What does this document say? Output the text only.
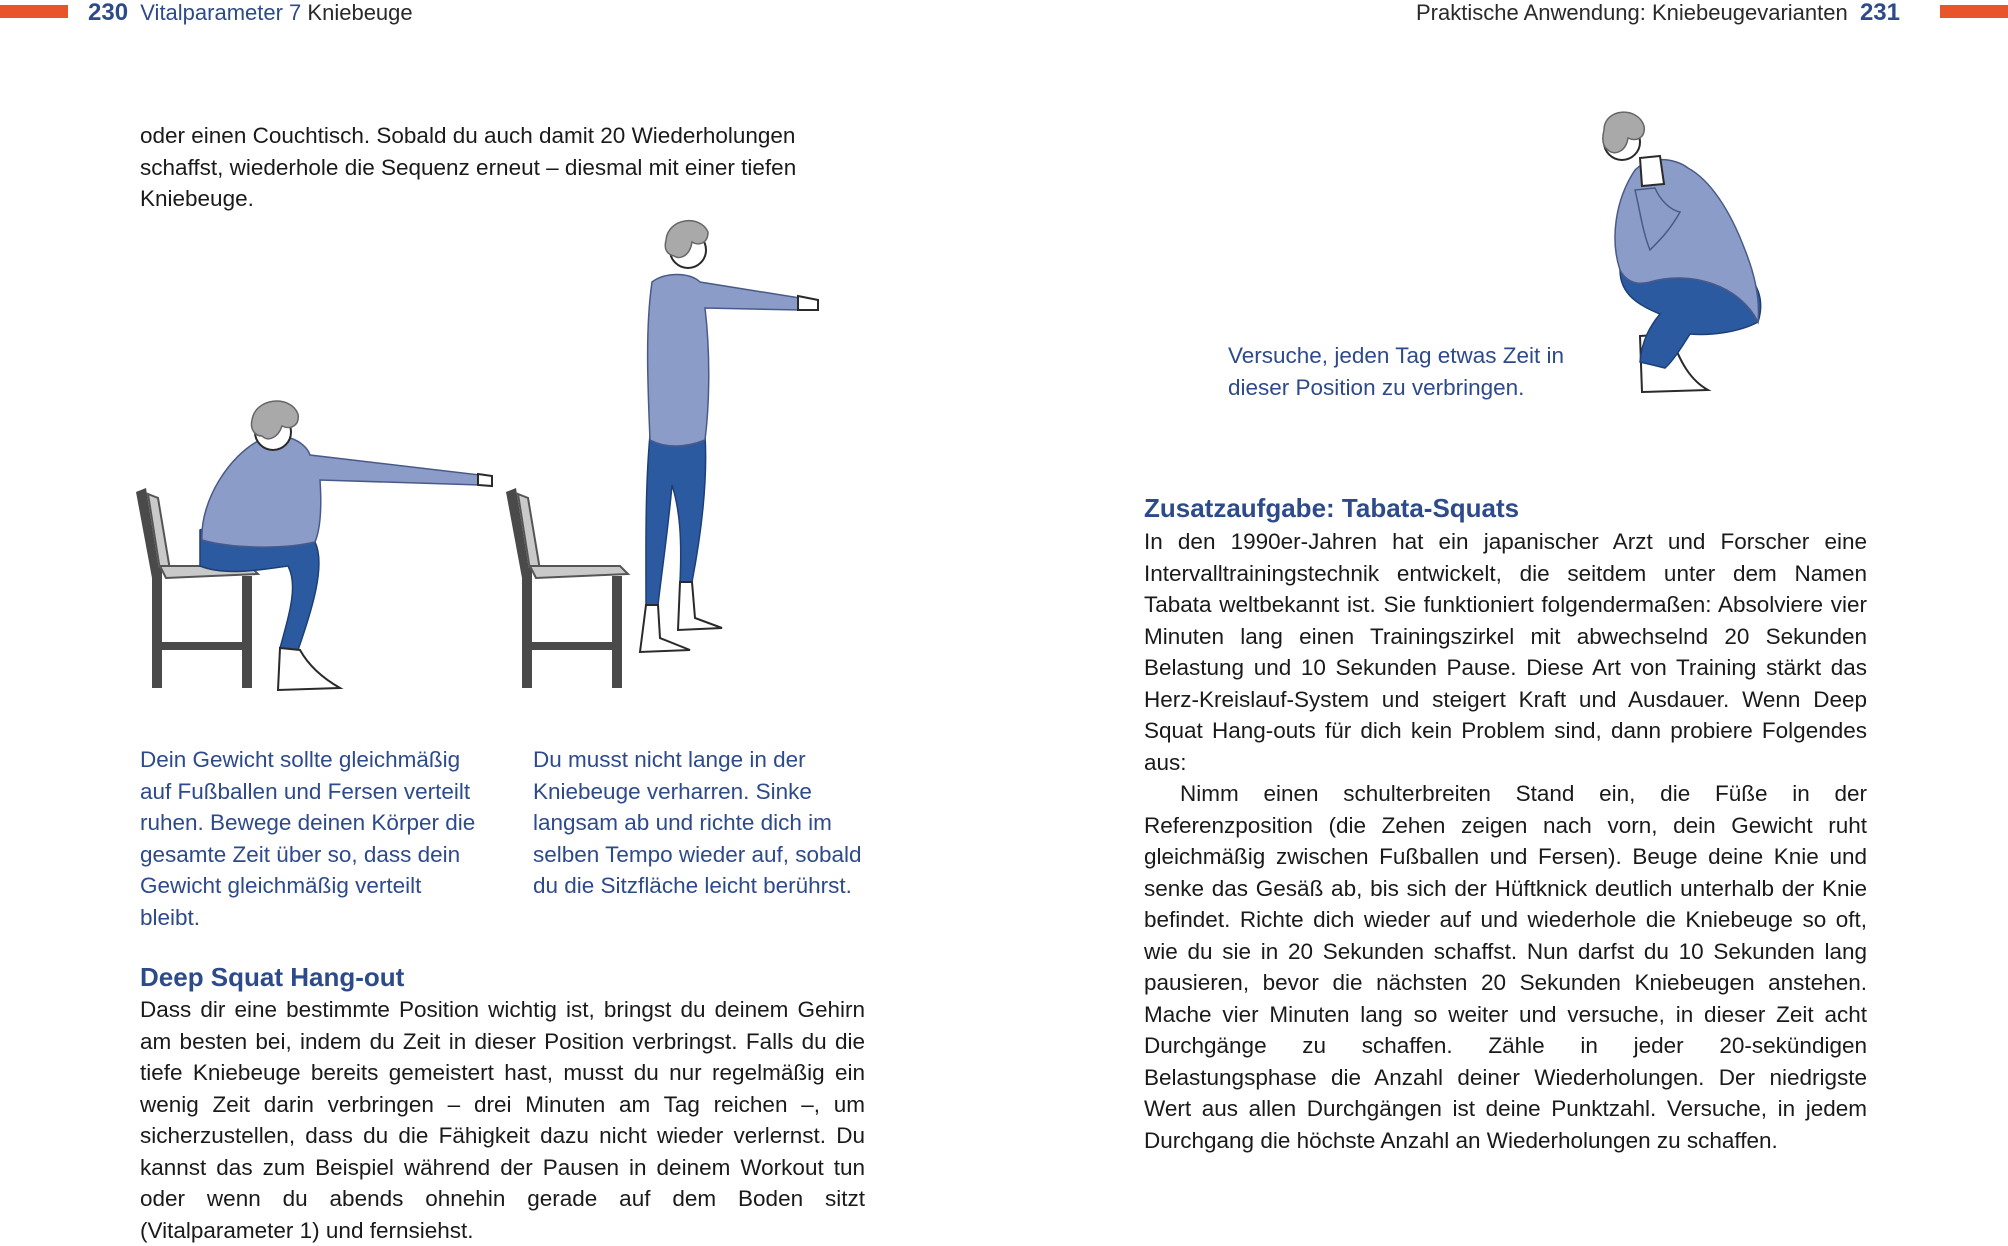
230 Vitalparameter 7 Kniebeuge	Praktische Anwendung: Kniebeugevarianten 231

oder einen Couchtisch. Sobald du auch damit 20 Wiederholungen schaffst, wiederhole die Sequenz erneut – diesmal mit einer tiefen Kniebeuge.

Dein Gewicht sollte gleichmäßig auf Fußballen und Fersen verteilt ruhen. Bewege deinen Körper die gesamte Zeit über so, dass dein Gewicht gleichmäßig verteilt bleibt.

Du musst nicht lange in der Kniebeuge verharren. Sinke langsam ab und richte dich im selben Tempo wieder auf, sobald du die Sitzfläche leicht berührst.

Deep Squat Hang-out

Dass dir eine bestimmte Position wichtig ist, bringst du deinem Gehirn am besten bei, indem du Zeit in dieser Position verbringst. Falls du die tiefe Kniebeuge bereits gemeistert hast, musst du nur regelmäßig ein wenig Zeit darin verbringen – drei Minuten am Tag reichen –, um sicherzustellen, dass du die Fähigkeit dazu nicht wieder verlernst. Du kannst das zum Beispiel während der Pausen in deinem Workout tun oder wenn du abends ohnehin gerade auf dem Boden sitzt (Vitalparameter 1) und fernsiehst.

Versuche, jeden Tag etwas Zeit in dieser Position zu verbringen.

Zusatzaufgabe: Tabata-Squats

In den 1990er-Jahren hat ein japanischer Arzt und Forscher eine Intervalltrainingstechnik entwickelt, die seitdem unter dem Namen Tabata weltbekannt ist. Sie funktioniert folgendermaßen: Absolviere vier Minuten lang einen Trainingszirkel mit abwechselnd 20 Sekunden Belastung und 10 Sekunden Pause. Diese Art von Training stärkt das Herz-Kreislauf-System und steigert Kraft und Ausdauer. Wenn Deep Squat Hang-outs für dich kein Problem sind, dann probiere Folgendes aus:

Nimm einen schulterbreiten Stand ein, die Füße in der Referenzposition (die Zehen zeigen nach vorn, dein Gewicht ruht gleichmäßig zwischen Fußballen und Fersen). Beuge deine Knie und senke das Gesäß ab, bis sich der Hüftknick deutlich unterhalb der Knie befindet. Richte dich wieder auf und wiederhole die Kniebeuge so oft, wie du sie in 20 Sekunden schaffst. Nun darfst du 10 Sekunden lang pausieren, bevor die nächsten 20 Sekunden Kniebeugen anstehen. Mache vier Minuten lang so weiter und versuche, in dieser Zeit acht Durchgänge zu schaffen. Zähle in jeder 20-sekündigen Belastungsphase die Anzahl deiner Wiederholungen. Der niedrigste Wert aus allen Durchgängen ist deine Punktzahl. Versuche, in jedem Durchgang die höchste Anzahl an Wiederholungen zu schaffen.
